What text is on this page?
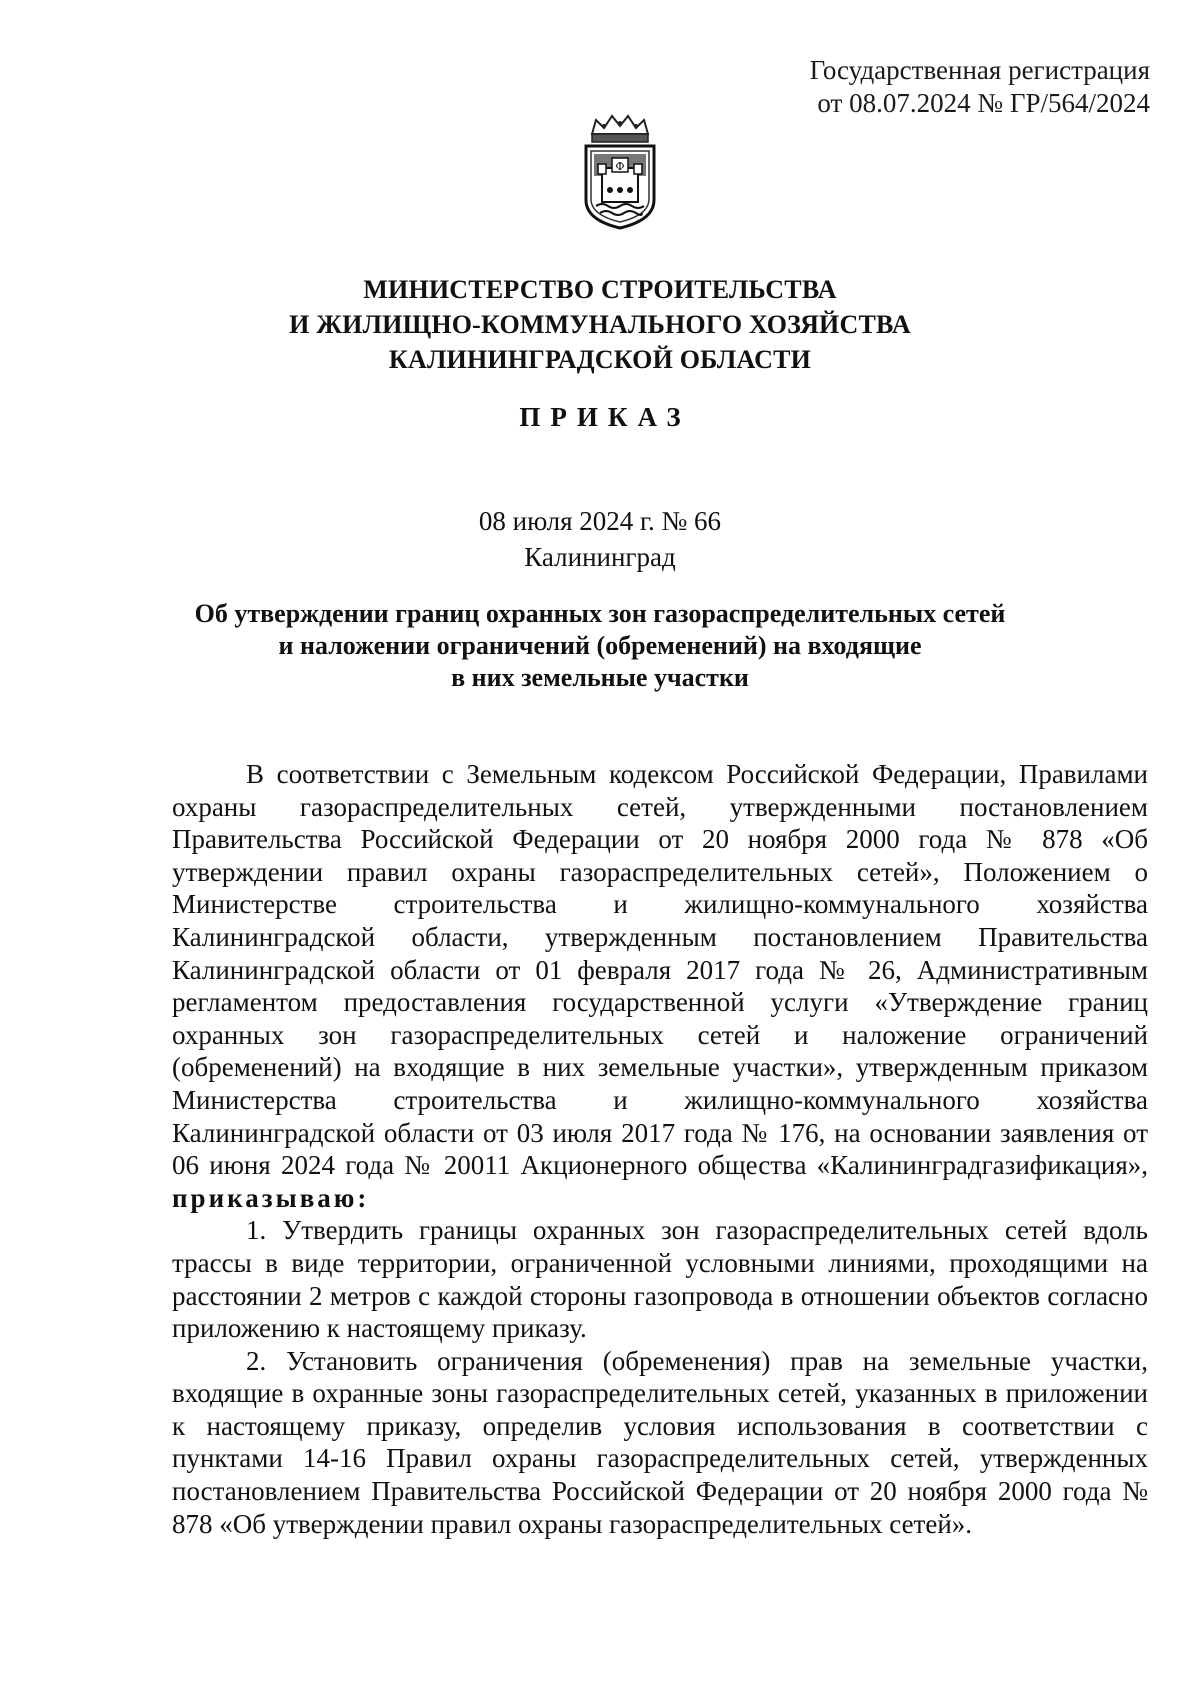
Государственная регистрация
от 08.07.2024 № ГР/564/2024
Ф
МИНИСТЕРСТВО СТРОИТЕЛЬСТВА
И ЖИЛИЩНО-КОММУНАЛЬНОГО ХОЗЯЙСТВА
КАЛИНИНГРАДСКОЙ ОБЛАСТИ
ПРИКАЗ
08 июля 2024 г. № 66
Калининград
Об утверждении границ охранных зон газораспределительных сетей
и наложении ограничений (обременений) на входящие
в них земельные участки

В соответствии с Земельным кодексом Российской Федерации, Правилами охраны газораспределительных сетей, утвержденными постановлением Правительства Российской Федерации от 20 ноября 2000 года № 878 «Об утверждении правил охраны газораспределительных сетей», Положением о Министерстве строительства и жилищно-коммунального хозяйства Калининградской области, утвержденным постановлением Правительства Калининградской области от 01 февраля 2017 года № 26, Административным регламентом предоставления государственной услуги «Утверждение границ охранных зон газораспределительных сетей и наложение ограничений (обременений) на входящие в них земельные участки», утвержденным приказом Министерства строительства и жилищно-коммунального хозяйства Калининградской области от 03 июля 2017 года № 176, на основании заявления от 06 июня 2024 года № 20011 Акционерного общества «Калининградгазификация», приказываю:

1. Утвердить границы охранных зон газораспределительных сетей вдоль трассы в виде территории, ограниченной условными линиями, проходящими на расстоянии 2 метров с каждой стороны газопровода в отношении объектов согласно приложению к настоящему приказу.

2. Установить ограничения (обременения) прав на земельные участки, входящие в охранные зоны газораспределительных сетей, указанных в приложении к настоящему приказу, определив условия использования в соответствии с пунктами 14-16 Правил охраны газораспределительных сетей, утвержденных постановлением Правительства Российской Федерации от 20 ноября 2000 года № 878 «Об утверждении правил охраны газораспределительных сетей».
